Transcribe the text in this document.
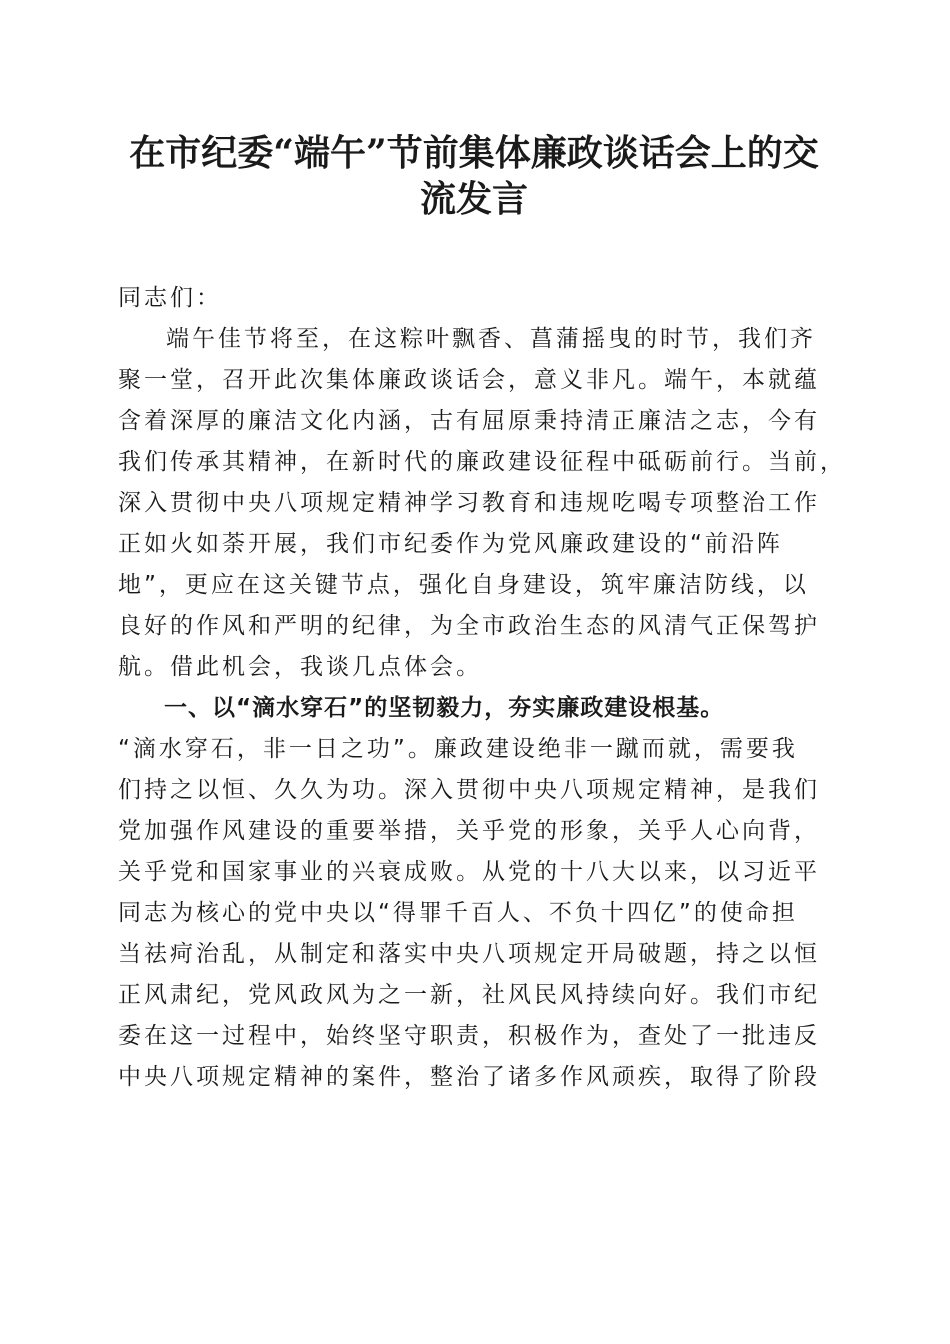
在市纪委“端午”节前集体廉政谈话会上的交
流发言
同志们：
端午佳节将至，在这粽叶飘香、菖蒲摇曳的时节，我们齐
聚一堂，召开此次集体廉政谈话会，意义非凡。端午，本就蕴
含着深厚的廉洁文化内涵，古有屈原秉持清正廉洁之志，今有
我们传承其精神，在新时代的廉政建设征程中砥砺前行。当前，
深入贯彻中央八项规定精神学习教育和违规吃喝专项整治工作
正如火如荼开展，我们市纪委作为党风廉政建设的“前沿阵
地”，更应在这关键节点，强化自身建设，筑牢廉洁防线，以
良好的作风和严明的纪律，为全市政治生态的风清气正保驾护
航。借此机会，我谈几点体会。
一、以“滴水穿石”的坚韧毅力，夯实廉政建设根基。
“滴水穿石，非一日之功”。廉政建设绝非一蹴而就，需要我
们持之以恒、久久为功。深入贯彻中央八项规定精神，是我们
党加强作风建设的重要举措，关乎党的形象，关乎人心向背，
关乎党和国家事业的兴衰成败。从党的十八大以来，以习近平
同志为核心的党中央以“得罪千百人、不负十四亿”的使命担
当祛疴治乱，从制定和落实中央八项规定开局破题，持之以恒
正风肃纪，党风政风为之一新，社风民风持续向好。我们市纪
委在这一过程中，始终坚守职责，积极作为，查处了一批违反
中央八项规定精神的案件，整治了诸多作风顽疾，取得了阶段
